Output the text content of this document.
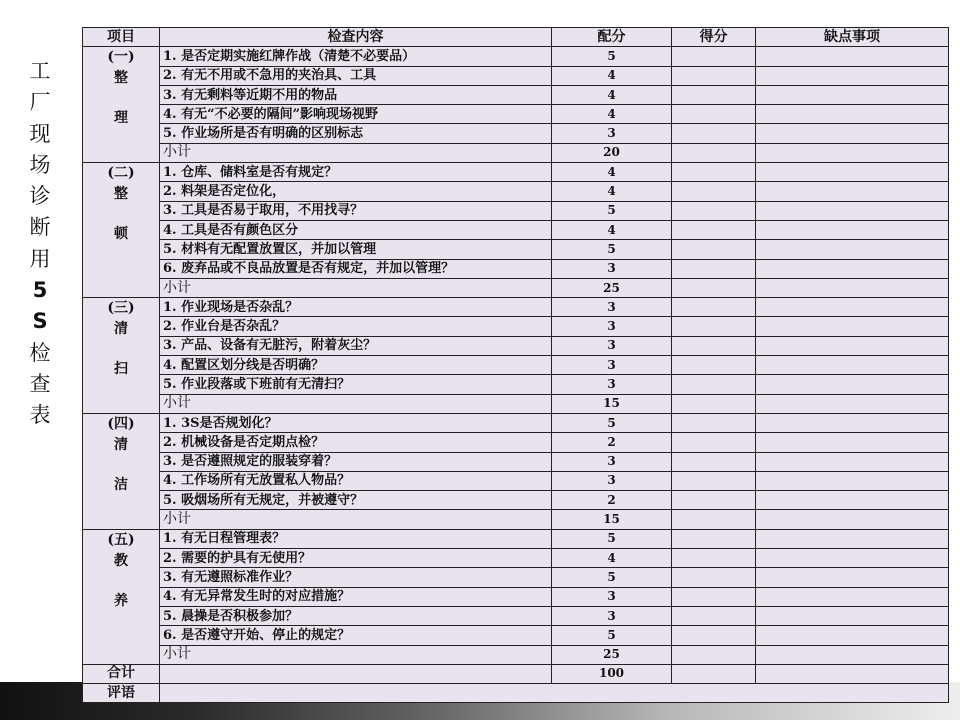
工
厂
现
场
诊
断
用
5
S
检
查
表
项目	检查内容	配分	得分	缺点事项

(一)
整
理	1. 是否定期实施红牌作战（清楚不必要品）	5		
	2. 有无不用或不急用的夹治具、工具	4		
	3. 有无剩料等近期不用的物品	4		
	4. 有无“不必要的隔间”影响现场视野	4		
	5. 作业场所是否有明确的区别标志	3		
	小计	20		

(二)
整
顿	1. 仓库、储料室是否有规定？	4		
	2. 料架是否定位化，	4		
	3. 工具是否易于取用，不用找寻？	5		
	4. 工具是否有颜色区分	4		
	5. 材料有无配置放置区，并加以管理	5		
	6. 废弃品或不良品放置是否有规定，并加以管理？	3		
	小计	25		

(三)
清
扫	1. 作业现场是否杂乱？	3		
	2. 作业台是否杂乱？	3		
	3. 产品、设备有无脏污，附着灰尘？	3		
	4. 配置区划分线是否明确？	3		
	5. 作业段落或下班前有无清扫？	3		
	小计	15		

(四)
清
洁	1. 3S是否规划化？	5		
	2. 机械设备是否定期点检？	2		
	3. 是否遵照规定的服装穿着？	3		
	4. 工作场所有无放置私人物品？	3		
	5. 吸烟场所有无规定，并被遵守？	2		
	小计	15		

(五)
教
养	1. 有无日程管理表？	5		
	2. 需要的护具有无使用？	4		
	3. 有无遵照标准作业？	5		
	4. 有无异常发生时的对应措施？	3		
	5. 晨操是否积极参加？	3		
	6. 是否遵守开始、停止的规定？	5		
	小计	25		
合计		100		
评语				
